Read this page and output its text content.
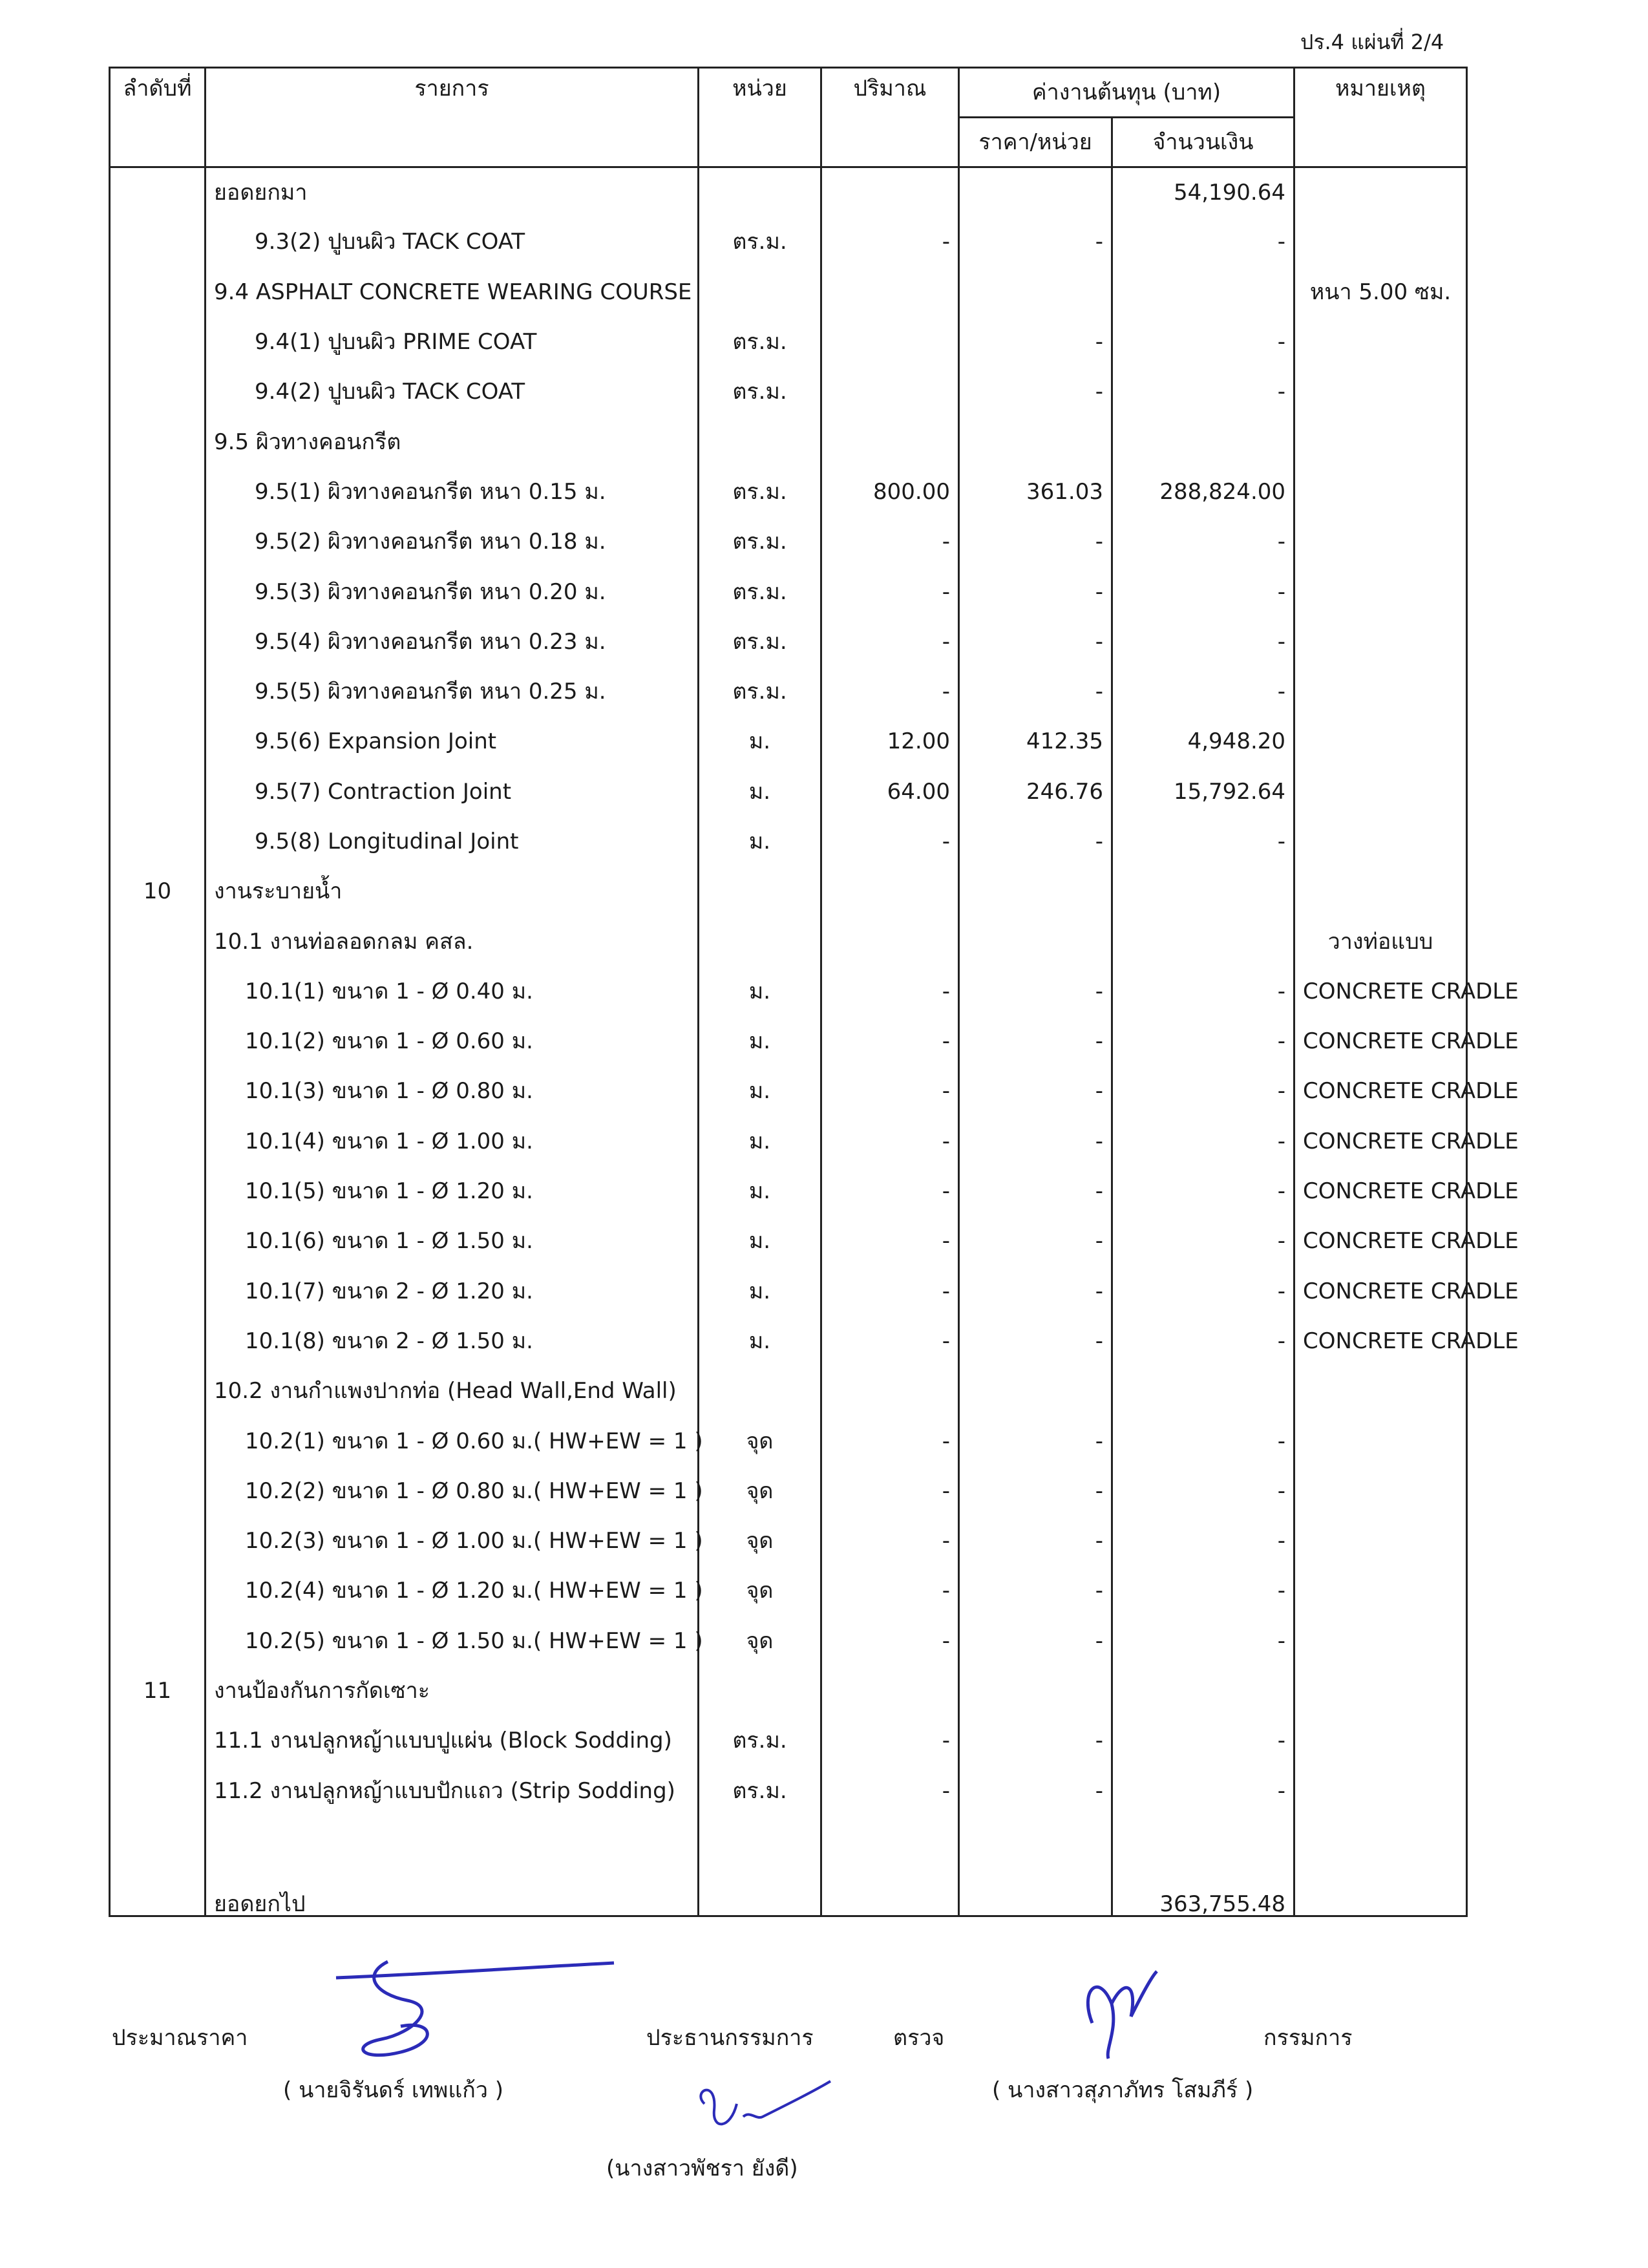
ปร.4 แผ่นที่ 2/4
ลำดับที่	รายการ	หน่วย	ปริมาณ	ค่างานต้นทุน (บาท)		หมายเหตุ
				ราคา/หน่วย	จำนวนเงิน	
	ยอดยกมา				54,190.64	
	9.3(2) ปูบนผิว TACK COAT	ตร.ม.	-	-	-	
	9.4 ASPHALT CONCRETE WEARING COURSE					หนา 5.00 ซม.
	9.4(1) ปูบนผิว PRIME COAT	ตร.ม.		-	-	
	9.4(2) ปูบนผิว TACK COAT	ตร.ม.		-	-	
	9.5 ผิวทางคอนกรีต					
	9.5(1) ผิวทางคอนกรีต หนา 0.15 ม.	ตร.ม.	800.00	361.03	288,824.00	
	9.5(2) ผิวทางคอนกรีต หนา 0.18 ม.	ตร.ม.	-	-	-	
	9.5(3) ผิวทางคอนกรีต หนา 0.20 ม.	ตร.ม.	-	-	-	
	9.5(4) ผิวทางคอนกรีต หนา 0.23 ม.	ตร.ม.	-	-	-	
	9.5(5) ผิวทางคอนกรีต หนา 0.25 ม.	ตร.ม.	-	-	-	
	9.5(6) Expansion Joint	ม.	12.00	412.35	4,948.20	
	9.5(7) Contraction Joint	ม.	64.00	246.76	15,792.64	
	9.5(8) Longitudinal Joint	ม.	-	-	-	
10	งานระบายน้ำ					
	10.1 งานท่อลอดกลม คสล.					วางท่อแบบ
	10.1(1) ขนาด 1 - Ø 0.40 ม.	ม.	-	-	-	CONCRETE CRADLE
	10.1(2) ขนาด 1 - Ø 0.60 ม.	ม.	-	-	-	CONCRETE CRADLE
	10.1(3) ขนาด 1 - Ø 0.80 ม.	ม.	-	-	-	CONCRETE CRADLE
	10.1(4) ขนาด 1 - Ø 1.00 ม.	ม.	-	-	-	CONCRETE CRADLE
	10.1(5) ขนาด 1 - Ø 1.20 ม.	ม.	-	-	-	CONCRETE CRADLE
	10.1(6) ขนาด 1 - Ø 1.50 ม.	ม.	-	-	-	CONCRETE CRADLE
	10.1(7) ขนาด 2 - Ø 1.20 ม.	ม.	-	-	-	CONCRETE CRADLE
	10.1(8) ขนาด 2 - Ø 1.50 ม.	ม.	-	-	-	CONCRETE CRADLE
	10.2 งานกำแพงปากท่อ (Head Wall,End Wall)					
	10.2(1) ขนาด 1 - Ø 0.60 ม.( HW+EW = 1 )	จุด	-	-	-	
	10.2(2) ขนาด 1 - Ø 0.80 ม.( HW+EW = 1 )	จุด	-	-	-	
	10.2(3) ขนาด 1 - Ø 1.00 ม.( HW+EW = 1 )	จุด	-	-	-	
	10.2(4) ขนาด 1 - Ø 1.20 ม.( HW+EW = 1 )	จุด	-	-	-	
	10.2(5) ขนาด 1 - Ø 1.50 ม.( HW+EW = 1 )	จุด	-	-	-	
11	งานป้องกันการกัดเซาะ					
	11.1 งานปลูกหญ้าแบบปูแผ่น (Block Sodding)	ตร.ม.	-	-	-	
	11.2 งานปลูกหญ้าแบบปักแถว (Strip Sodding)	ตร.ม.	-	-	-	
	ยอดยกไป				363,755.48	
ประมาณราคา
( นายจิรันดร์ เทพแก้ว )
ประธานกรรมการ	ตรวจ	กรรมการ
( นางสาวสุภาภัทร โสมภีร์ )
(นางสาวพัชรา ยังดี)
